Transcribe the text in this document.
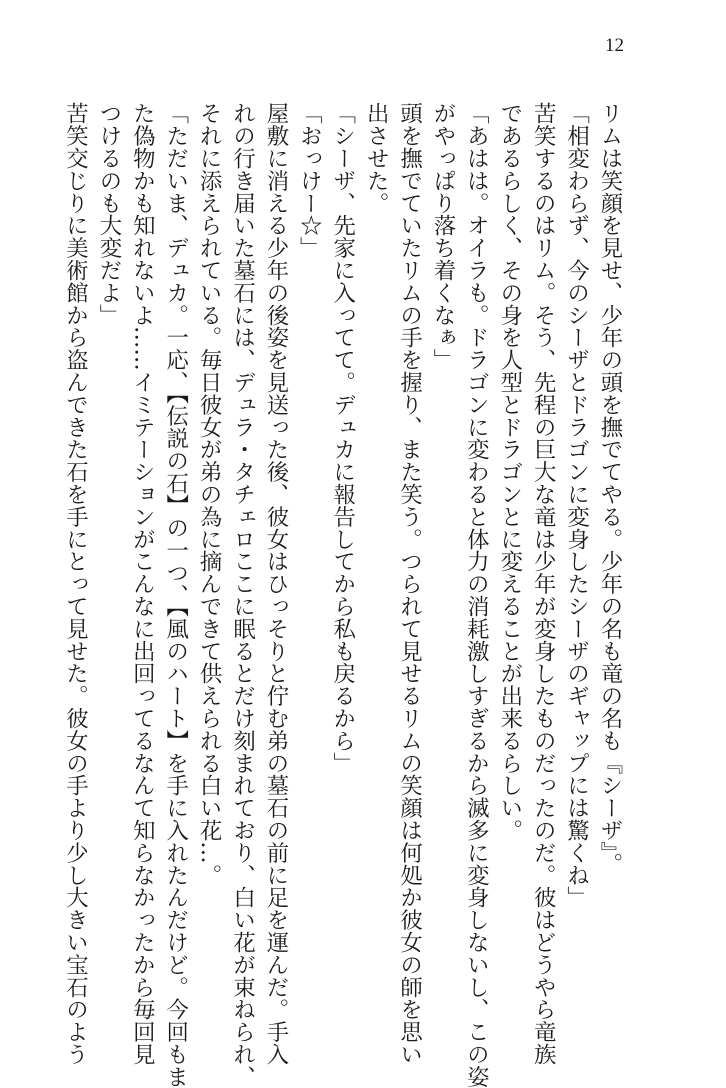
12
リムは笑顔を見せ、少年の頭を撫でてやる。少年の名も竜の名も『シーザ』。
「相変わらず、今のシーザとドラゴンに変身したシーザのギャップには驚くね」
苦笑するのはリム。そう、先程の巨大な竜は少年が変身したものだったのだ。彼はどうやら竜族
であるらしく、その身を人型とドラゴンとに変えることが出来るらしい。
「あはは。オイラも。ドラゴンに変わると体力の消耗激しすぎるから滅多に変身しないし、この姿
がやっぱり落ち着くなぁ」
頭を撫でていたリムの手を握り、また笑う。つられて見せるリムの笑顔は何処か彼女の師を思い
出させた。
「シーザ、先家に入ってて。デュカに報告してから私も戻るから」
「おっけー☆」
屋敷に消える少年の後姿を見送った後、彼女はひっそりと佇む弟の墓石の前に足を運んだ。手入
れの行き届いた墓石には、デュラ・タチェロここに眠るとだけ刻まれており、白い花が束ねられ、
それに添えられている。毎日彼女が弟の為に摘んできて供えられる白い花…。
「ただいま、デュカ。一応、【伝説の石】の一つ、【風のハート】を手に入れたんだけど。今回もま
た偽物かも知れないよ……イミテーションがこんなに出回ってるなんて知らなかったから毎回見
つけるのも大変だよ」
苦笑交じりに美術館から盗んできた石を手にとって見せた。彼女の手より少し大きい宝石のよう
